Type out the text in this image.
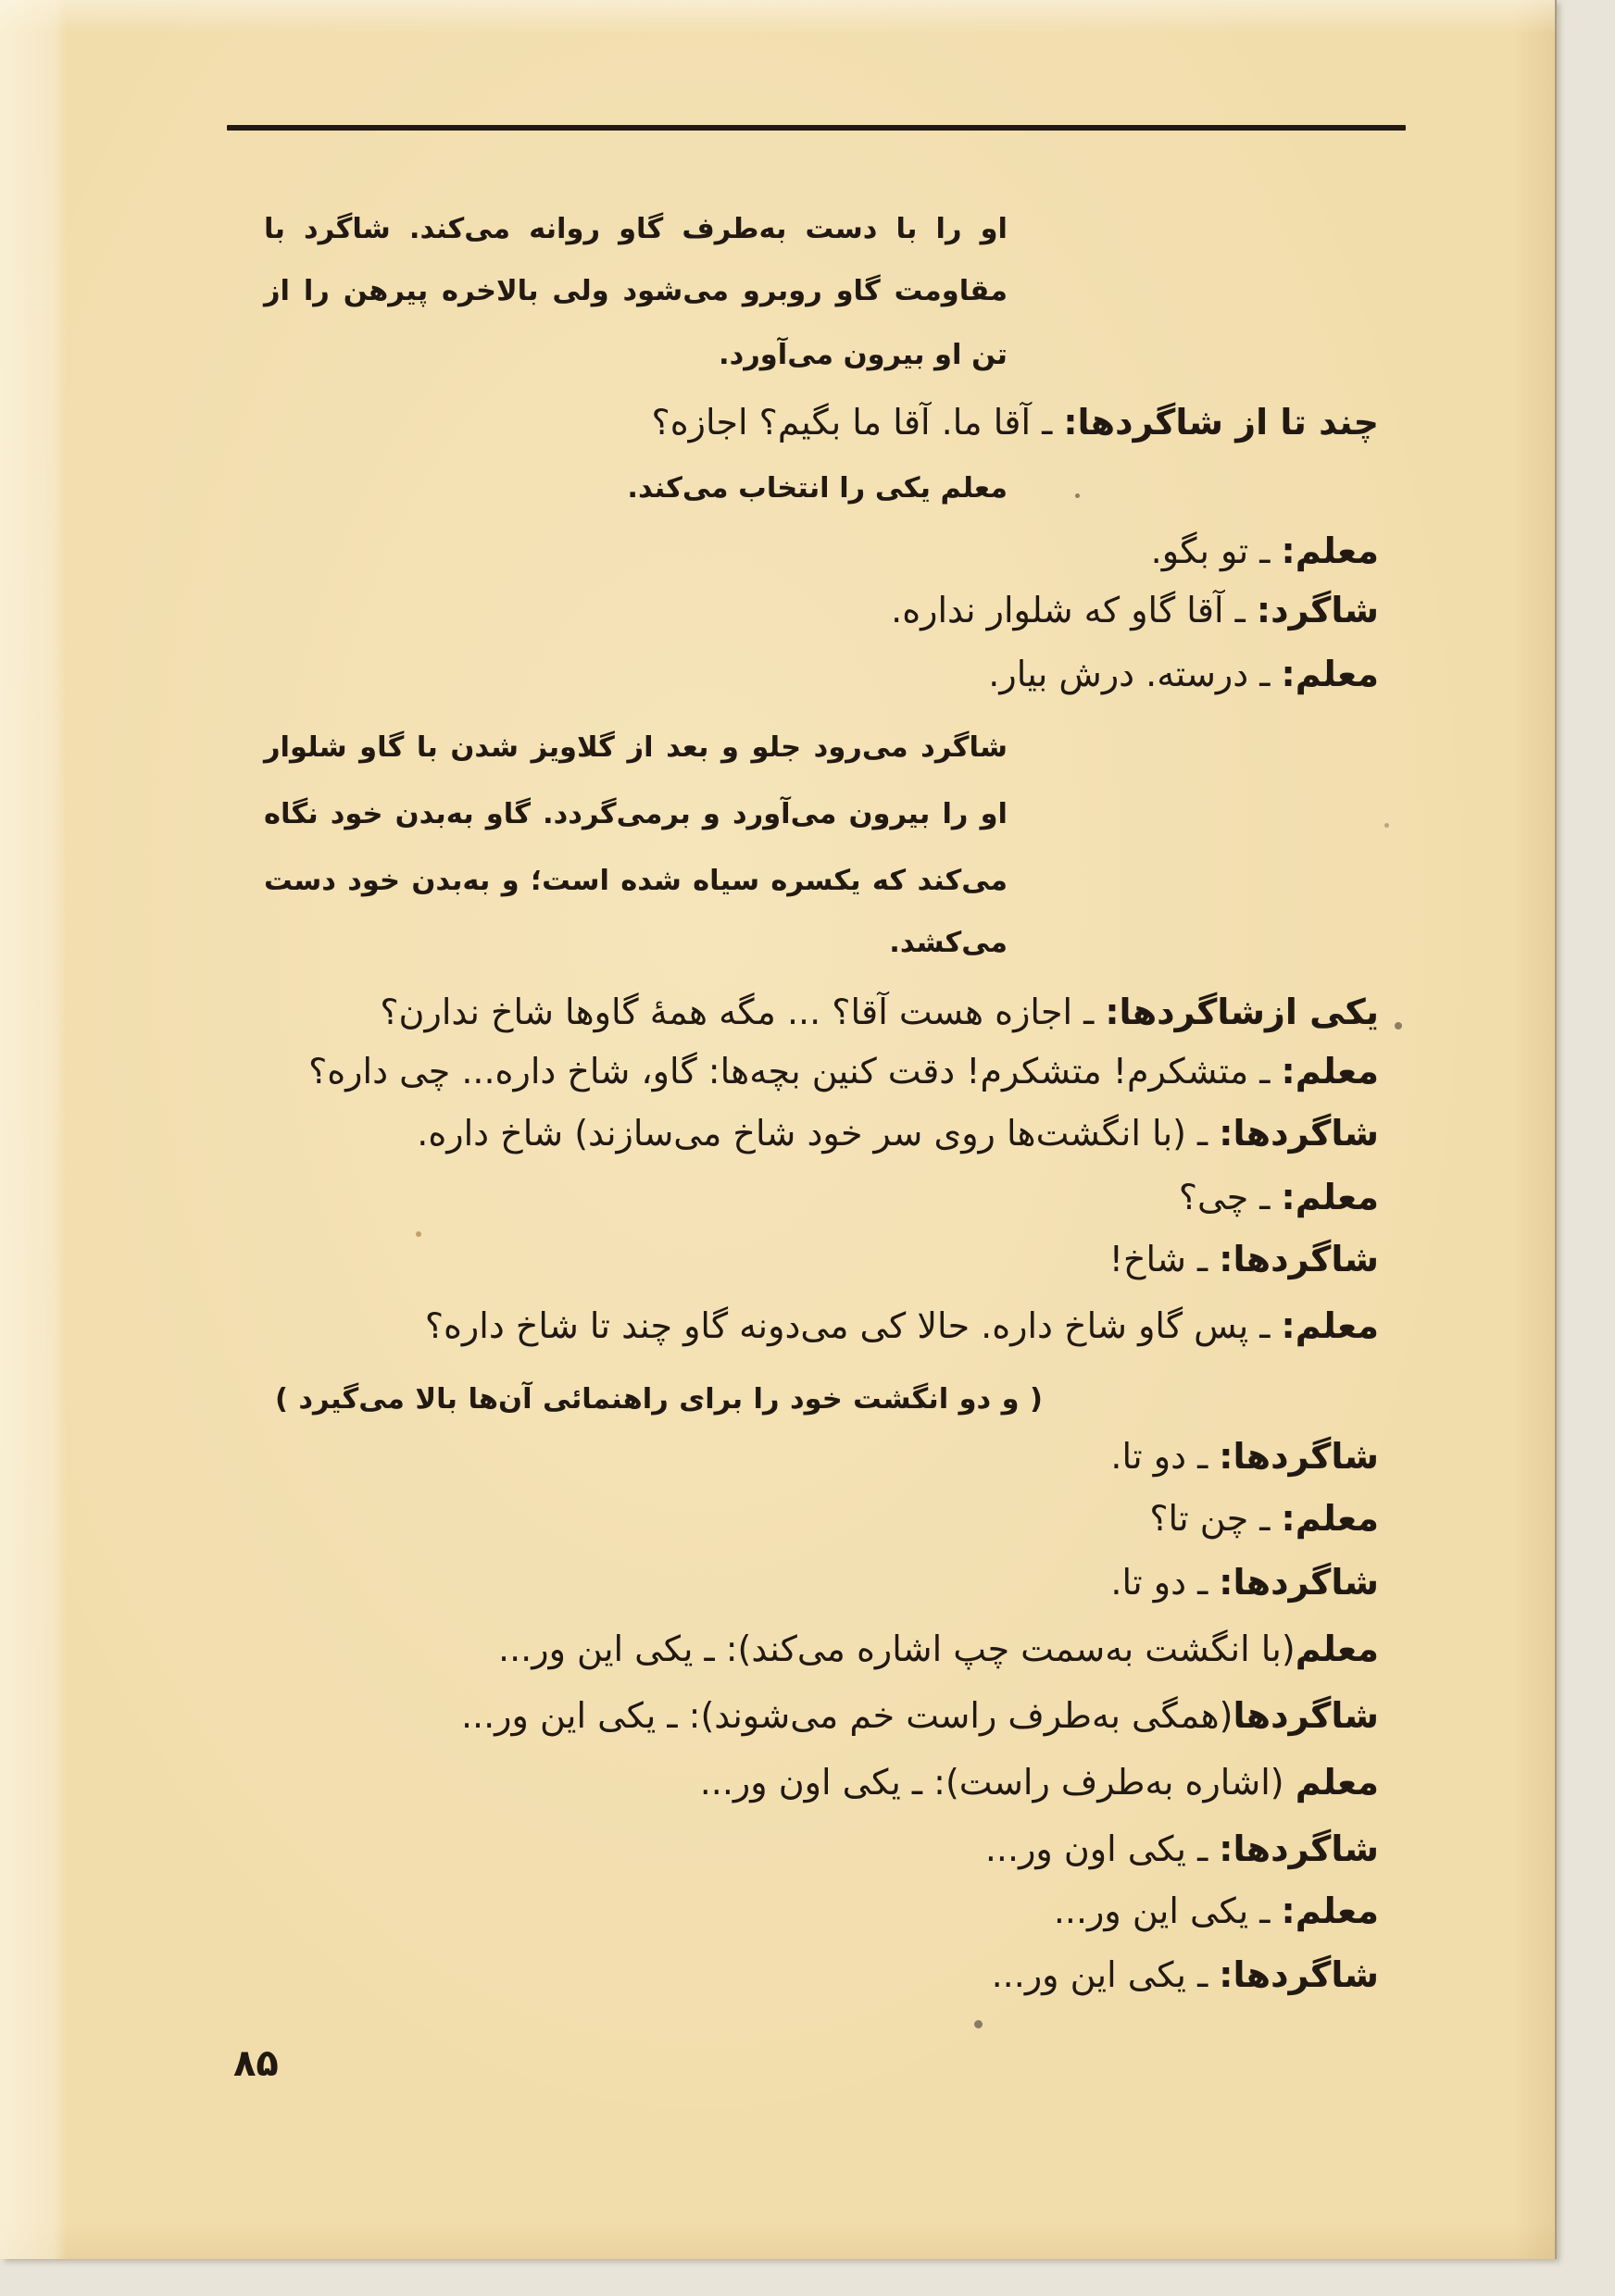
او را با دست به‌طرف گاو روانه می‌کند. شاگرد با
مقاومت گاو روبرو می‌شود ولی بالاخره پیرهن را از
تن او بیرون می‌آورد.
چند تا از شاگردها: ـ آقا ما. آقا ما بگیم؟ اجازه؟
معلم یکی را انتخاب می‌کند.
معلم: ـ تو بگو.
شاگرد: ـ آقا گاو که شلوار نداره.
معلم: ـ درسته. درش بیار.
شاگرد می‌رود جلو و بعد از گلاویز شدن با گاو شلوار
او را بیرون می‌آورد و برمی‌گردد. گاو به‌بدن خود نگاه
می‌کند که یکسره سیاه شده است؛ و به‌بدن خود دست
می‌کشد.
یکی ازشاگردها: ـ اجازه هست آقا؟ ... مگه همهٔ گاوها شاخ ندارن؟
معلم: ـ متشکرم! متشکرم! دقت کنین بچه‌ها: گاو، شاخ داره... چی داره؟
شاگردها: ـ (با انگشت‌ها روی سر خود شاخ می‌سازند) شاخ داره.
معلم: ـ چی؟
شاگردها: ـ شاخ!
معلم: ـ پس گاو شاخ داره. حالا کی می‌دونه گاو چند تا شاخ داره؟
( و دو انگشت خود را برای راهنمائی آن‌ها بالا می‌گیرد )
شاگردها: ـ دو تا.
معلم: ـ چن تا؟
شاگردها: ـ دو تا.
معلم(با انگشت به‌سمت چپ اشاره می‌کند): ـ یکی این ور...
شاگردها(همگی به‌طرف راست خم می‌شوند): ـ یکی این ور...
معلم (اشاره به‌طرف راست): ـ یکی اون ور...
شاگردها: ـ یکی اون ور...
معلم: ـ یکی این ور...
شاگردها: ـ یکی این ور...
۸۵
